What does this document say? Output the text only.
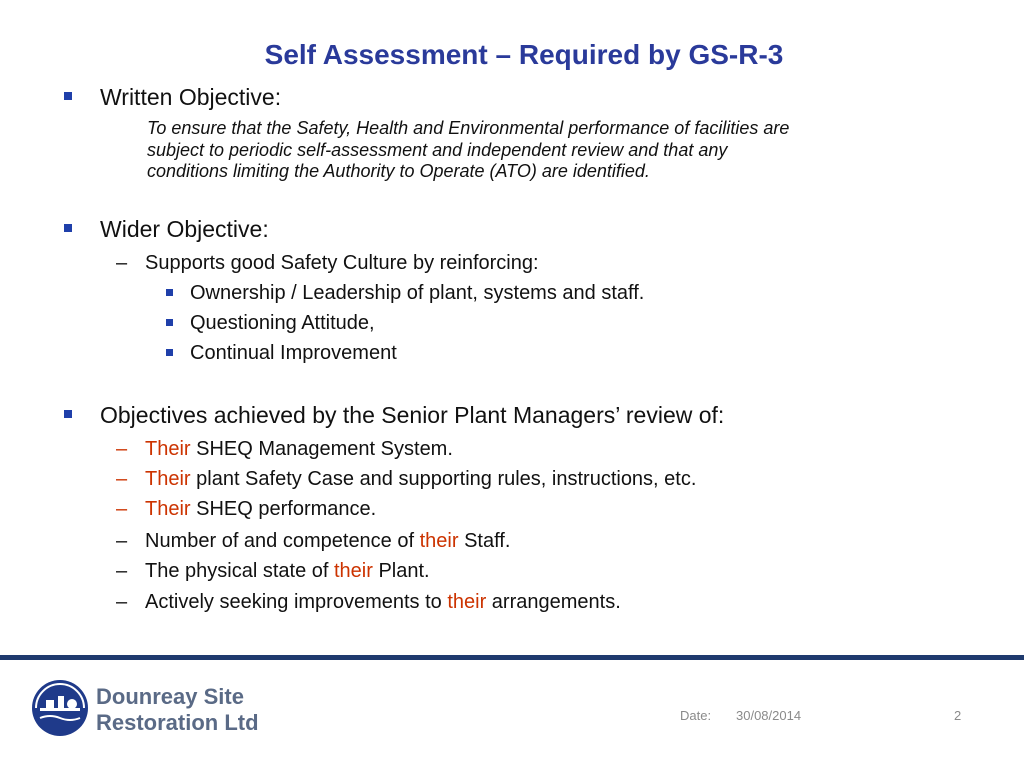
Self Assessment – Required by GS-R-3
Written Objective:

To ensure that the Safety, Health and Environmental performance of facilities are

subject to periodic self-assessment and independent review and that any

conditions limiting the Authority to Operate (ATO) are identified.

Wider Objective:
– Supports good Safety Culture by reinforcing:
Ownership / Leadership of plant, systems and staff.
Questioning Attitude,
Continual Improvement
Objectives achieved by the Senior Plant Managers’ review of:
– Their SHEQ Management System.
– Their plant Safety Case and supporting rules, instructions, etc.
– Their SHEQ performance.
– Number of and competence of their Staff.
– The physical state of their Plant.
– Actively seeking improvements to their arrangements.
Dounreay Site
Restoration Ltd	Date: 30/08/2014	2
